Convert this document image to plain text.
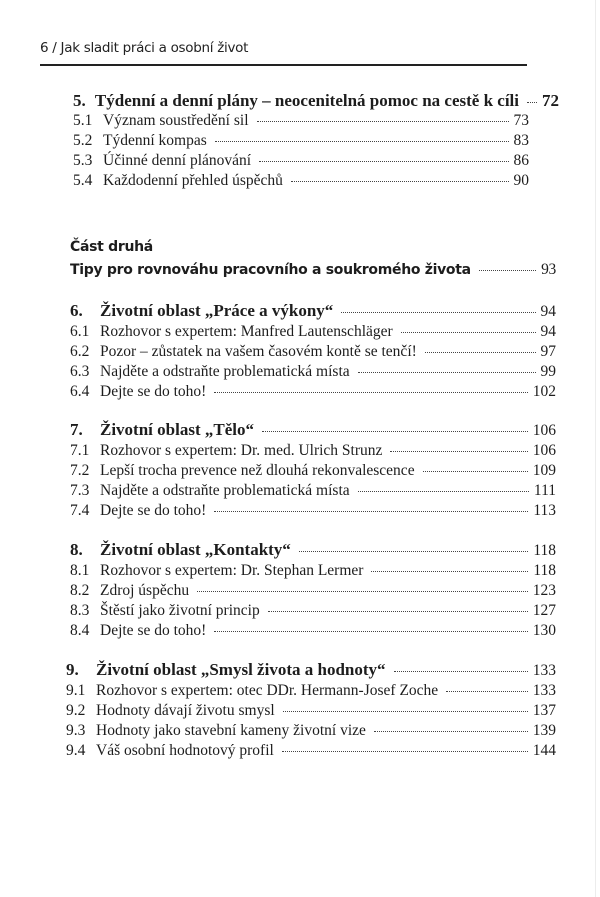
6 / Jak sladit práci a osobní život
5. Týdenní a denní plány – neocenitelná pomoc na cestě k cíli 72
5.1 Význam soustředění sil	73
5.2 Týdenní kompas	83
5.3 Účinné denní plánování	86
5.4 Každodenní přehled úspěchů	90
Část druhá
Tipy pro rovnováhu pracovního a soukromého života	93
6.	Životní oblast „Práce a výkony“	94
6.1 Rozhovor s expertem: Manfred Lautenschläger	94
6.2 Pozor – zůstatek na vašem časovém kontě se tenčí!	97
6.3 Najděte a odstraňte problematická místa	99
6.4 Dejte se do toho!	102
7.	Životní oblast „Tělo“	106
7.1 Rozhovor s expertem: Dr. med. Ulrich Strunz	106
7.2 Lepší trocha prevence než dlouhá rekonvalescence	109
7.3 Najděte a odstraňte problematická místa	111
7.4 Dejte se do toho!	113
8.	Životní oblast „Kontakty“	118
8.1 Rozhovor s expertem: Dr. Stephan Lermer	118
8.2 Zdroj úspěchu	123
8.3 Štěstí jako životní princip	127
8.4 Dejte se do toho!	130
9.	Životní oblast „Smysl života a hodnoty“	133
9.1 Rozhovor s expertem: otec DDr. Hermann-Josef Zoche	133
9.2 Hodnoty dávají životu smysl	137
9.3 Hodnoty jako stavební kameny životní vize	139
9.4 Váš osobní hodnotový profil	144
